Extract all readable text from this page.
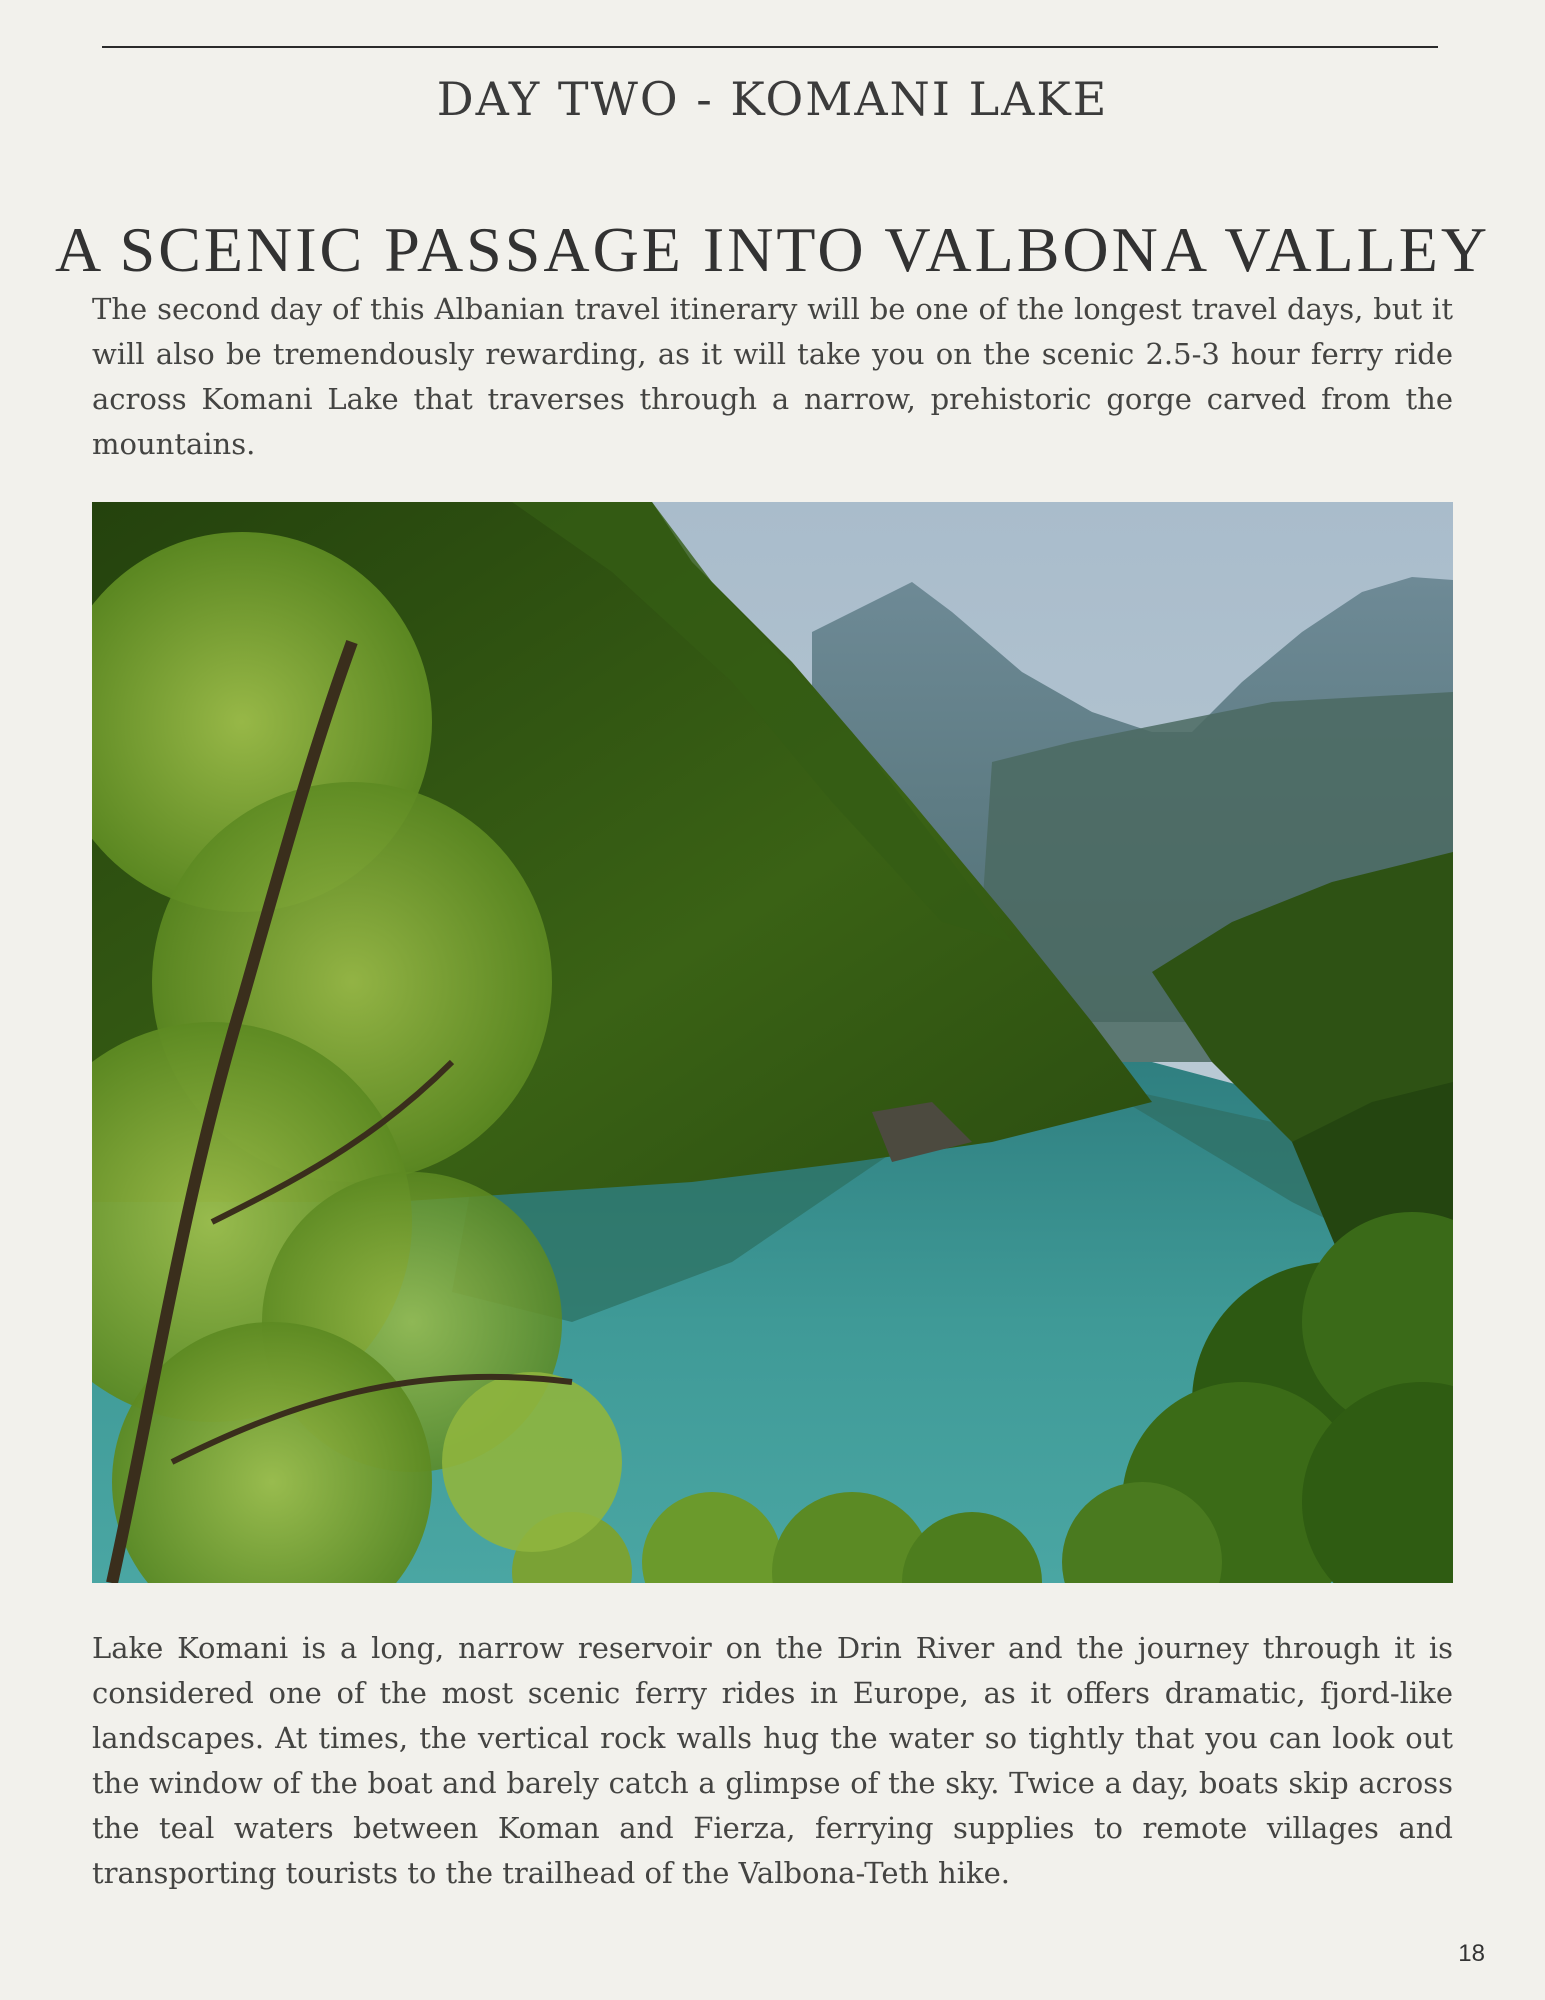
DAY TWO - KOMANI LAKE
A SCENIC PASSAGE INTO VALBONA VALLEY

The second day of this Albanian travel itinerary will be one of the longest travel days, but it will also be tremendously rewarding, as it will take you on the scenic 2.5-3 hour ferry ride across Komani Lake that traverses through a narrow, prehistoric gorge carved from the mountains.

Lake Komani is a long, narrow reservoir on the Drin River and the journey through it is considered one of the most scenic ferry rides in Europe, as it offers dramatic, fjord-like landscapes. At times, the vertical rock walls hug the water so tightly that you can look out the window of the boat and barely catch a glimpse of the sky. Twice a day, boats skip across the teal waters between Koman and Fierza, ferrying supplies to remote villages and transporting tourists to the trailhead of the Valbona-Teth hike.

18
